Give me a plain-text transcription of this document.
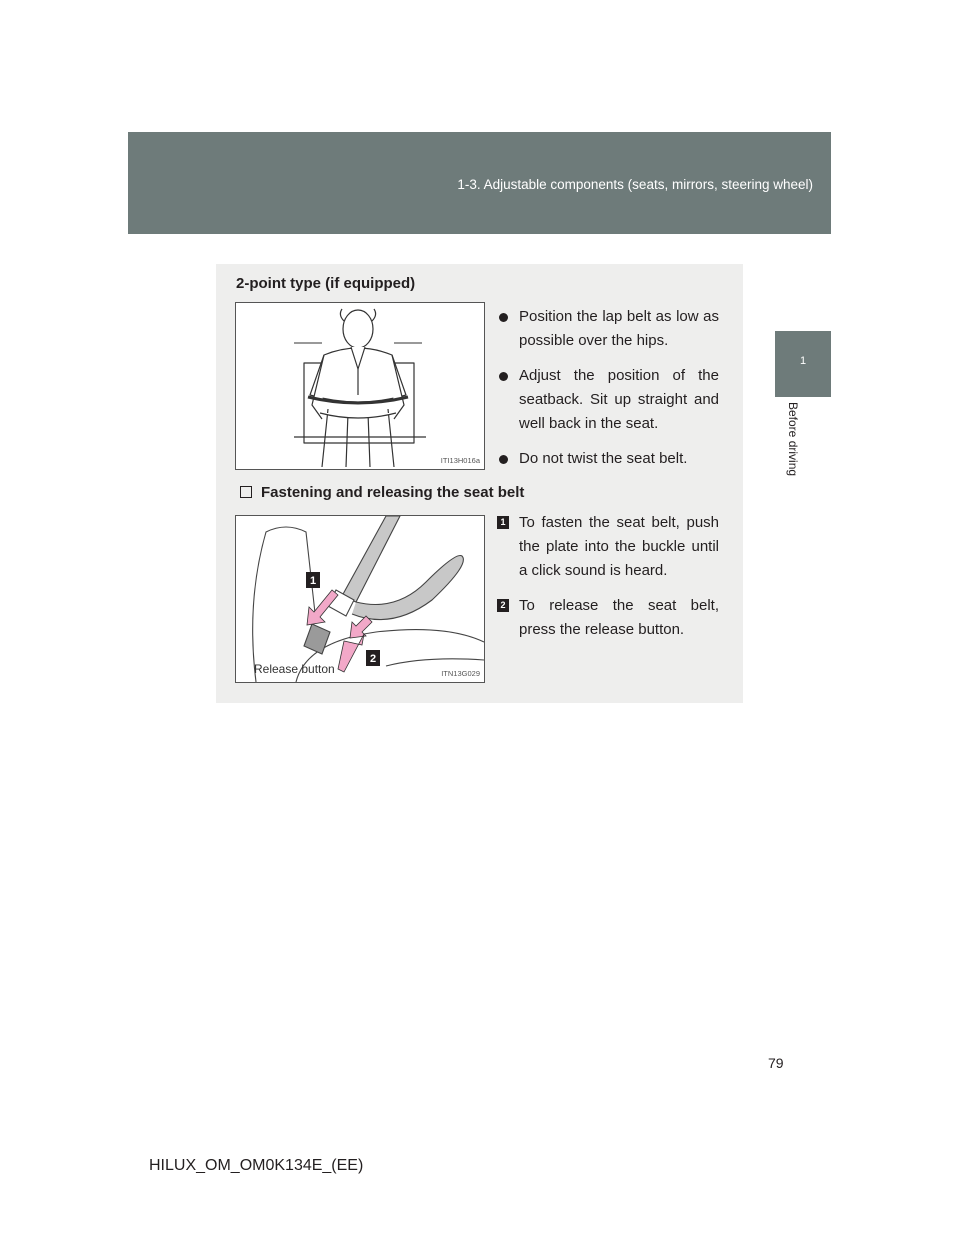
1-3. Adjustable components (seats, mirrors, steering wheel)
1
Before driving
2-point type (if equipped)
ITI13H016a
Position the lap belt as low as possible over the hips.
Adjust the position of the seatback. Sit up straight and well back in the seat.
Do not twist the seat belt.
Fastening and releasing the seat belt
1
2
ITN13G029
Release button
1 To fasten the seat belt, push the plate into the buckle until a click sound is heard.
2 To release the seat belt, press the release button.
79
HILUX_OM_OM0K134E_(EE)
